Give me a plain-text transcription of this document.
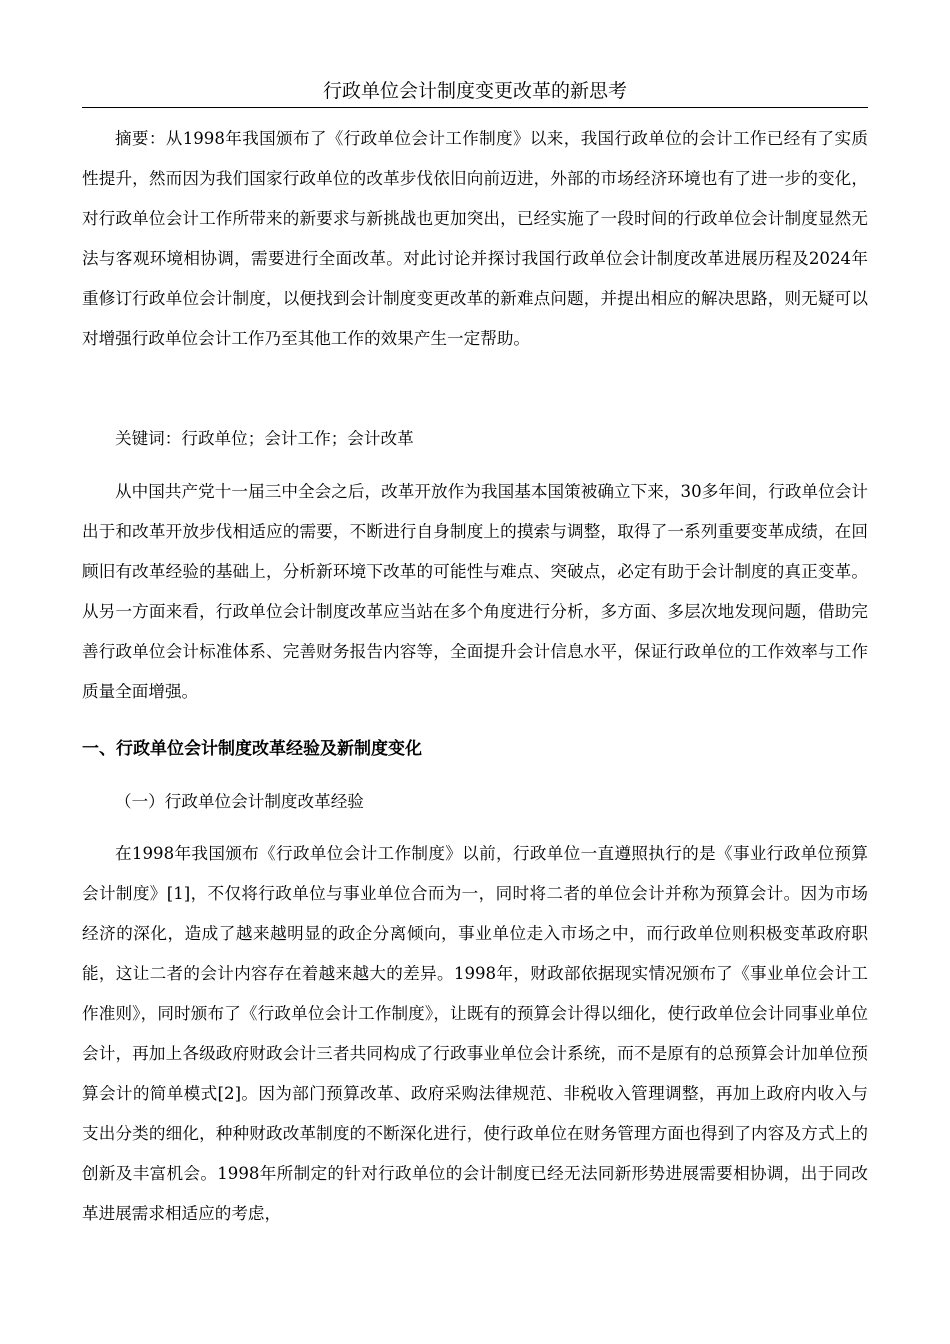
行政单位会计制度变更改革的新思考

摘要：从1998年我国颁布了《行政单位会计工作制度》以来，我国行政单位的会计工作已经有了实质性提升，然而因为我们国家行政单位的改革步伐依旧向前迈进，外部的市场经济环境也有了进一步的变化，对行政单位会计工作所带来的新要求与新挑战也更加突出，已经实施了一段时间的行政单位会计制度显然无法与客观环境相协调，需要进行全面改革。对此讨论并探讨我国行政单位会计制度改革进展历程及2024年重修订行政单位会计制度，以便找到会计制度变更改革的新难点问题，并提出相应的解决思路，则无疑可以对增强行政单位会计工作乃至其他工作的效果产生一定帮助。

关键词：行政单位；会计工作；会计改革

从中国共产党十一届三中全会之后，改革开放作为我国基本国策被确立下来，30多年间，行政单位会计出于和改革开放步伐相适应的需要，不断进行自身制度上的摸索与调整，取得了一系列重要变革成绩，在回顾旧有改革经验的基础上，分析新环境下改革的可能性与难点、突破点，必定有助于会计制度的真正变革。从另一方面来看，行政单位会计制度改革应当站在多个角度进行分析，多方面、多层次地发现问题，借助完善行政单位会计标准体系、完善财务报告内容等，全面提升会计信息水平，保证行政单位的工作效率与工作质量全面增强。

一、行政单位会计制度改革经验及新制度变化
（一）行政单位会计制度改革经验

在1998年我国颁布《行政单位会计工作制度》以前，行政单位一直遵照执行的是《事业行政单位预算会计制度》[1]，不仅将行政单位与事业单位合而为一，同时将二者的单位会计并称为预算会计。因为市场经济的深化，造成了越来越明显的政企分离倾向，事业单位走入市场之中，而行政单位则积极变革政府职能，这让二者的会计内容存在着越来越大的差异。1998年，财政部依据现实情况颁布了《事业单位会计工作准则》，同时颁布了《行政单位会计工作制度》，让既有的预算会计得以细化，使行政单位会计同事业单位会计，再加上各级政府财政会计三者共同构成了行政事业单位会计系统，而不是原有的总预算会计加单位预算会计的简单模式[2]。因为部门预算改革、政府采购法律规范、非税收入管理调整，再加上政府内收入与支出分类的细化，种种财政改革制度的不断深化进行，使行政单位在财务管理方面也得到了内容及方式上的创新及丰富机会。1998年所制定的针对行政单位的会计制度已经无法同新形势进展需要相协调，出于同改革进展需求相适应的考虑，
